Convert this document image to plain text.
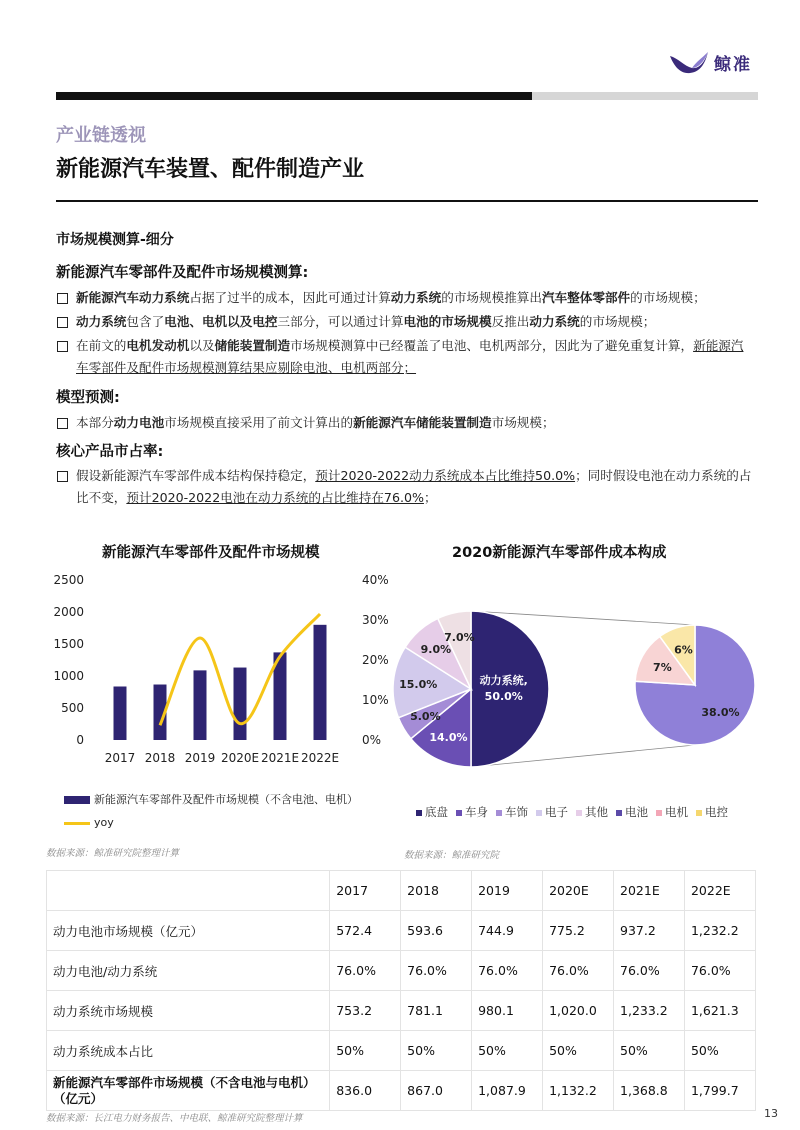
鲸准
产业链透视
新能源汽车装置、配件制造产业
市场规模测算-细分
新能源汽车零部件及配件市场规模测算:
新能源汽车动力系统占据了过半的成本，因此可通过计算动力系统的市场规模推算出汽车整体零部件的市场规模；
动力系统包含了电池、电机以及电控三部分，可以通过计算电池的市场规模反推出动力系统的市场规模；
在前文的电机发动机以及储能装置制造市场规模测算中已经覆盖了电池、电机两部分，因此为了避免重复计算，新能源汽车零部件及配件市场规模测算结果应剔除电池、电机两部分；
模型预测:
本部分动力电池市场规模直接采用了前文计算出的新能源汽车储能装置制造市场规模；
核心产品市占率:
假设新能源汽车零部件成本结构保持稳定，预计2020-2022动力系统成本占比维持50.0%；同时假设电池在动力系统的占比不变，预计2020-2022电池在动力系统的占比维持在76.0%；
新能源汽车零部件及配件市场规模	2020新能源汽车零部件成本构成
0
500
1000
1500
2000
2500
0%
10%
20%
30%
40%
2017 2018 2019 2020E 2021E 2022E
新能源汽车零部件及配件市场规模（不含电池、电机）
yoy
数据来源：鲸准研究院整理计算
动力系统,
50.0%
14.0%
5.0%
15.0%
9.0%
7.0%
38.0%
7%
6%
底盘 车身 车饰 电子 其他 电池 电机 电控
数据来源：鲸准研究院
	2017	2018	2019	2020E	2021E	2022E
动力电池市场规模（亿元）	572.4	593.6	744.9	775.2	937.2	1,232.2
动力电池/动力系统	76.0%	76.0%	76.0%	76.0%	76.0%	76.0%
动力系统市场规模	753.2	781.1	980.1	1,020.0	1,233.2	1,621.3
动力系统成本占比	50%	50%	50%	50%	50%	50%
新能源汽车零部件市场规模（不含电池与电机）（亿元）	836.0	867.0	1,087.9	1,132.2	1,368.8	1,799.7
数据来源：长江电力财务报告、中电联、鲸准研究院整理计算	13
